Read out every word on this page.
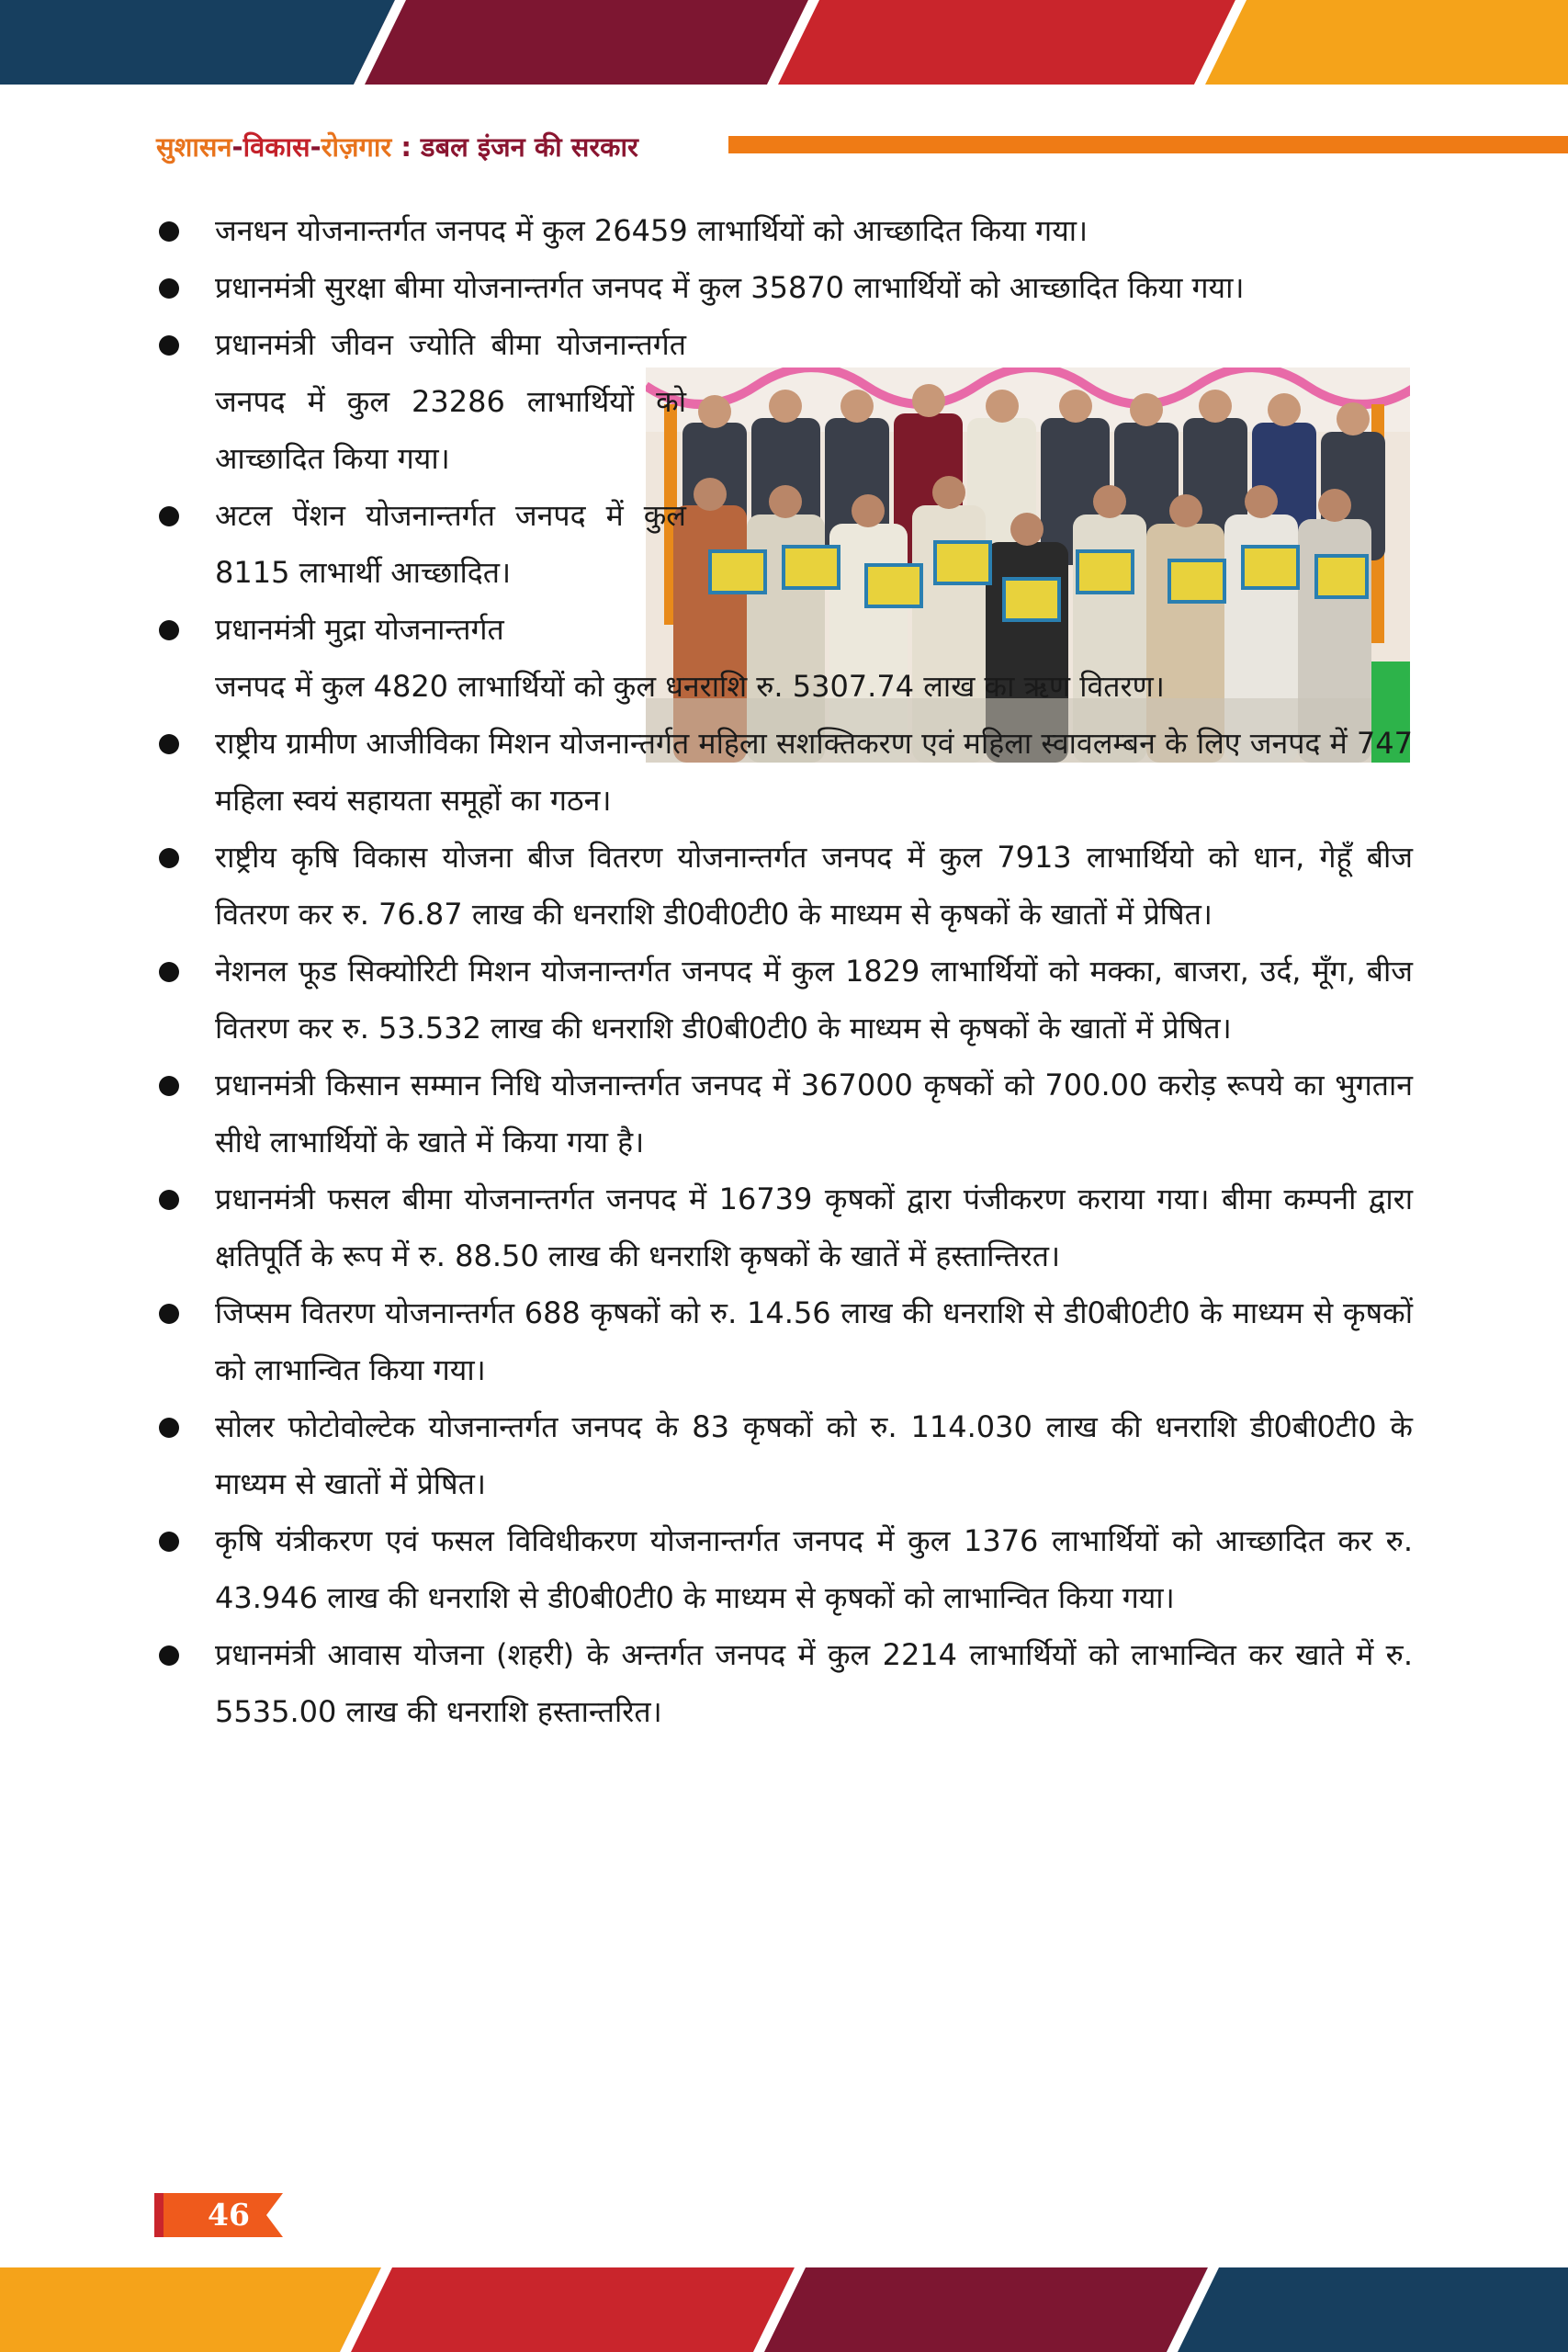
सुशासन-विकास-रोज़गार : डबल इंजन की सरकार
जनधन योजनान्तर्गत जनपद में कुल 26459 लाभार्थियों को आच्छादित किया गया।
प्रधानमंत्री सुरक्षा बीमा योजनान्तर्गत जनपद में कुल 35870 लाभार्थियों को आच्छादित किया गया।
प्रधानमंत्री जीवन ज्योति बीमा योजनान्तर्गत जनपद में कुल 23286 लाभार्थियों को आच्छादित किया गया।
अटल पेंशन योजनान्तर्गत जनपद में कुल 8115 लाभार्थी आच्छादित।
प्रधानमंत्री मुद्रा योजनान्तर्गत
जनपद में कुल 4820 लाभार्थियों को कुल धनराशि रु. 5307.74 लाख का ऋण वितरण।
राष्ट्रीय ग्रामीण आजीविका मिशन योजनान्तर्गत महिला सशक्तिकरण एवं महिला स्वावलम्बन के लिए जनपद में 747 महिला स्वयं सहायता समूहों का गठन।
राष्ट्रीय कृषि विकास योजना बीज वितरण योजनान्तर्गत जनपद में कुल 7913 लाभार्थियो को धान, गेहूँ बीज वितरण कर रु. 76.87 लाख की धनराशि डी0वी0टी0 के माध्यम से कृषकों के खातों में प्रेषित।
नेशनल फूड सिक्योरिटी मिशन योजनान्तर्गत जनपद में कुल 1829 लाभार्थियों को मक्का, बाजरा, उर्द, मूँग, बीज वितरण कर रु. 53.532 लाख की धनराशि डी0बी0टी0 के माध्यम से कृषकों के खातों में प्रेषित।
प्रधानमंत्री किसान सम्मान निधि योजनान्तर्गत जनपद में 367000 कृषकों को 700.00 करोड़ रूपये का भुगतान सीधे लाभार्थियों के खाते में किया गया है।
प्रधानमंत्री फसल बीमा योजनान्तर्गत जनपद में 16739 कृषकों द्वारा पंजीकरण कराया गया। बीमा कम्पनी द्वारा क्षतिपूर्ति के रूप में रु. 88.50 लाख की धनराशि कृषकों के खातें में हस्तान्तिरत।
जिप्सम वितरण योजनान्तर्गत 688 कृषकों को रु. 14.56 लाख की धनराशि से डी0बी0टी0 के माध्यम से कृषकों को लाभान्वित किया गया।
सोलर फोटोवोल्टेक योजनान्तर्गत जनपद के 83 कृषकों को रु. 114.030 लाख की धनराशि डी0बी0टी0 के माध्यम से खातों में प्रेषित।
कृषि यंत्रीकरण एवं फसल विविधीकरण योजनान्तर्गत जनपद में कुल 1376 लाभार्थियों को आच्छादित कर रु. 43.946 लाख की धनराशि से डी0बी0टी0 के माध्यम से कृषकों को लाभान्वित किया गया।
प्रधानमंत्री आवास योजना (शहरी) के अन्तर्गत जनपद में कुल 2214 लाभार्थियों को लाभान्वित कर खाते में रु. 5535.00 लाख की धनराशि हस्तान्तरित।
46
